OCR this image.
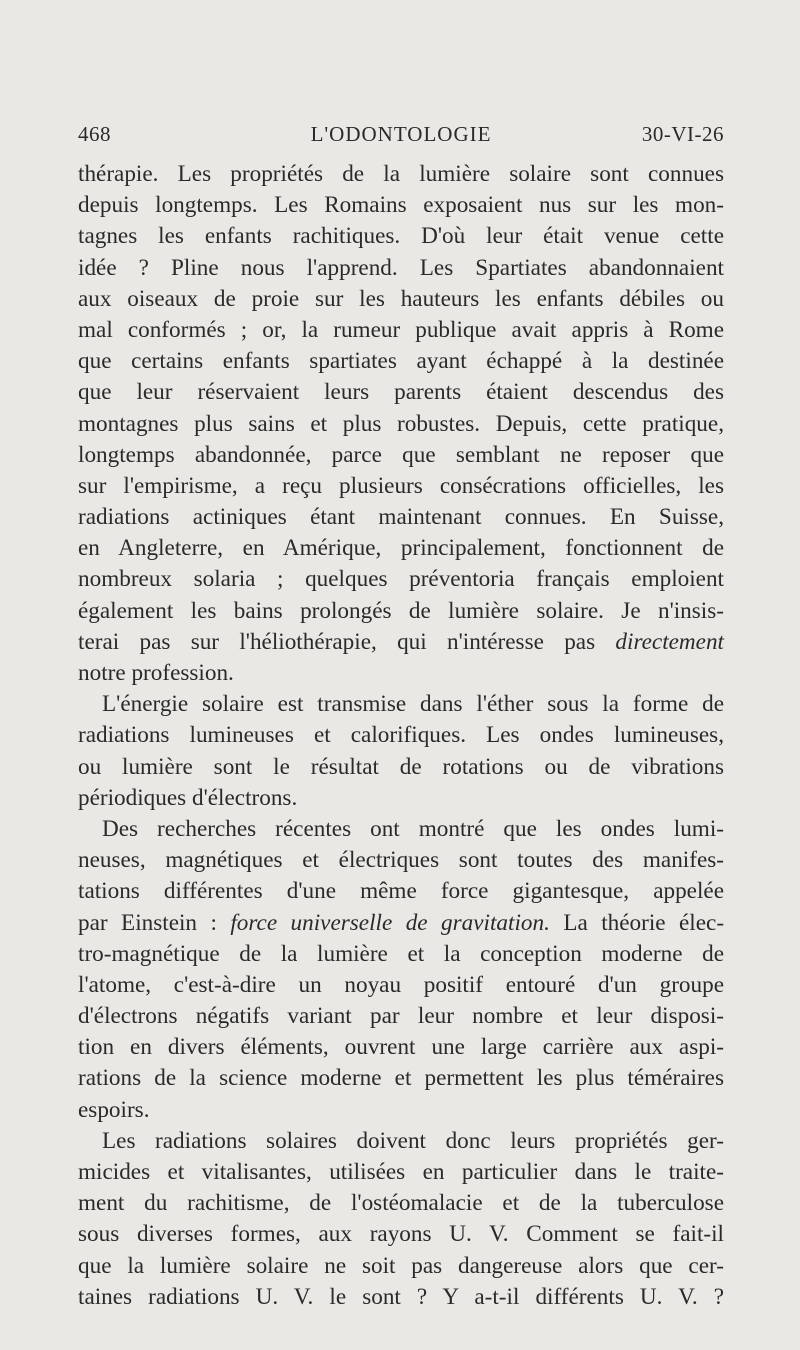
468	L'ODONTOLOGIE	30-VI-26
thérapie. Les propriétés de la lumière solaire sont connues
depuis longtemps. Les Romains exposaient nus sur les mon-
tagnes les enfants rachitiques. D'où leur était venue cette
idée ? Pline nous l'apprend. Les Spartiates abandonnaient
aux oiseaux de proie sur les hauteurs les enfants débiles ou
mal conformés ; or, la rumeur publique avait appris à Rome
que certains enfants spartiates ayant échappé à la destinée
que leur réservaient leurs parents étaient descendus des
montagnes plus sains et plus robustes. Depuis, cette pratique,
longtemps abandonnée, parce que semblant ne reposer que
sur l'empirisme, a reçu plusieurs consécrations officielles, les
radiations actiniques étant maintenant connues. En Suisse,
en Angleterre, en Amérique, principalement, fonctionnent de
nombreux solaria ; quelques préventoria français emploient
également les bains prolongés de lumière solaire. Je n'insis-
terai pas sur l'héliothérapie, qui n'intéresse pas directement
notre profession.
L'énergie solaire est transmise dans l'éther sous la forme de
radiations lumineuses et calorifiques. Les ondes lumineuses,
ou lumière sont le résultat de rotations ou de vibrations
périodiques d'électrons.
Des recherches récentes ont montré que les ondes lumi-
neuses, magnétiques et électriques sont toutes des manifes-
tations différentes d'une même force gigantesque, appelée
par Einstein : force universelle de gravitation. La théorie élec-
tro-magnétique de la lumière et la conception moderne de
l'atome, c'est-à-dire un noyau positif entouré d'un groupe
d'électrons négatifs variant par leur nombre et leur disposi-
tion en divers éléments, ouvrent une large carrière aux aspi-
rations de la science moderne et permettent les plus téméraires
espoirs.
Les radiations solaires doivent donc leurs propriétés ger-
micides et vitalisantes, utilisées en particulier dans le traite-
ment du rachitisme, de l'ostéomalacie et de la tuberculose
sous diverses formes, aux rayons U. V. Comment se fait-il
que la lumière solaire ne soit pas dangereuse alors que cer-
taines radiations U. V. le sont ? Y a-t-il différents U. V. ?
